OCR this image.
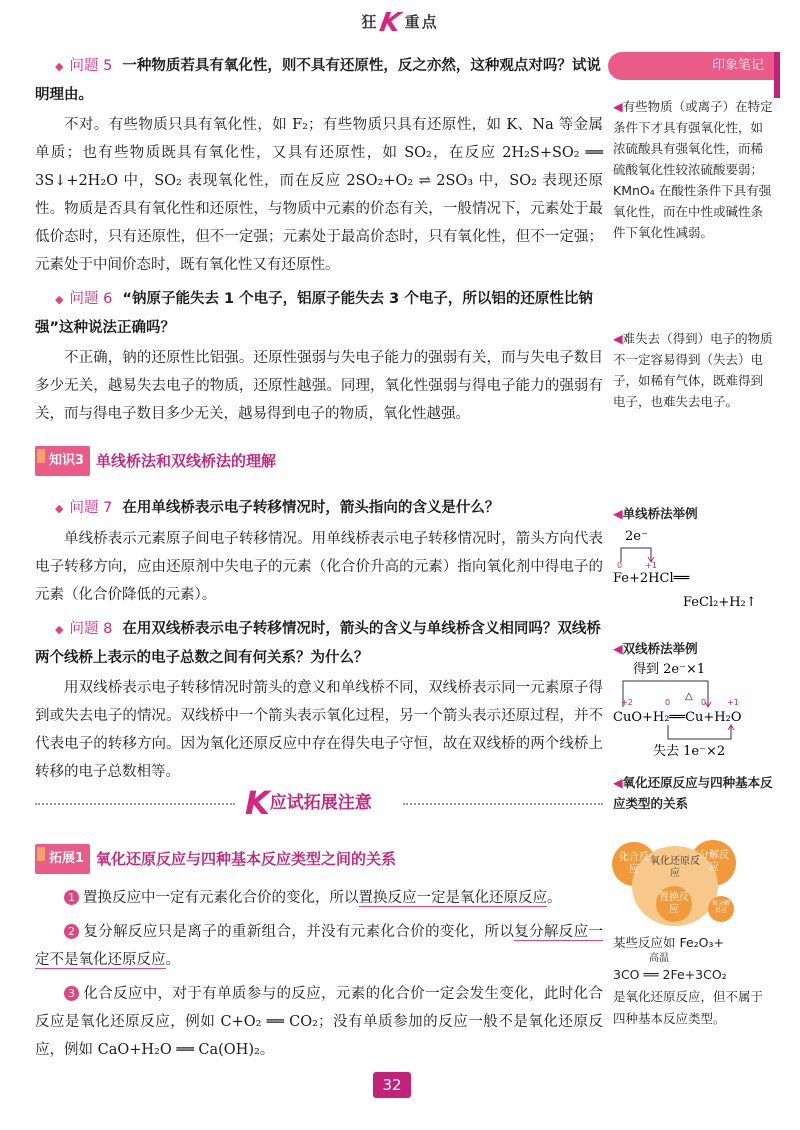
狂K重点
印象笔记
◆ 问题 5 一种物质若具有氧化性，则不具有还原性，反之亦然，这种观点对吗？试说明理由。

不对。有些物质只具有氧化性，如 F₂；有些物质只具有还原性，如 K、Na 等金属单质；也有些物质既具有氧化性，又具有还原性，如 SO₂，在反应 2H₂S+SO₂ ══ 3S↓+2H₂O 中，SO₂ 表现氧化性，而在反应 2SO₂+O₂ ⇌ 2SO₃ 中，SO₂ 表现还原性。物质是否具有氧化性和还原性，与物质中元素的价态有关，一般情况下，元素处于最低价态时，只有还原性，但不一定强；元素处于最高价态时，只有氧化性，但不一定强；元素处于中间价态时，既有氧化性又有还原性。

◆ 问题 6 “钠原子能失去 1 个电子，铝原子能失去 3 个电子，所以铝的还原性比钠强”这种说法正确吗？

不正确，钠的还原性比铝强。还原性强弱与失电子能力的强弱有关，而与失电子数目多少无关，越易失去电子的物质，还原性越强。同理，氧化性强弱与得电子能力的强弱有关，而与得电子数目多少无关，越易得到电子的物质，氧化性越强。

知识3 单线桥法和双线桥法的理解
◆ 问题 7 在用单线桥表示电子转移情况时，箭头指向的含义是什么？

单线桥表示元素原子间电子转移情况。用单线桥表示电子转移情况时，箭头方向代表电子转移方向，应由还原剂中失电子的元素（化合价升高的元素）指向氧化剂中得电子的元素（化合价降低的元素）。

◆ 问题 8 在用双线桥表示电子转移情况时，箭头的含义与单线桥含义相同吗？双线桥两个线桥上表示的电子总数之间有何关系？为什么？

用双线桥表示电子转移情况时箭头的意义和单线桥不同，双线桥表示同一元素原子得到或失去电子的情况。双线桥中一个箭头表示氧化过程，另一个箭头表示还原过程，并不代表电子的转移方向。因为氧化还原反应中存在得失电子守恒，故在双线桥的两个线桥上转移的电子总数相等。

K应试拓展注意
拓展1 氧化还原反应与四种基本反应类型之间的关系

1 置换反应中一定有元素化合价的变化，所以置换反应一定是氧化还原反应。

2 复分解反应只是离子的重新组合，并没有元素化合价的变化，所以复分解反应一定不是氧化还原反应。

3 化合反应中，对于有单质参与的反应，元素的化合价一定会发生变化，此时化合反应是氧化还原反应，例如 C+O₂ ══ CO₂；没有单质参加的反应一般不是氧化还原反应，例如 CaO+H₂O ══ Ca(OH)₂。

◀有些物质（或离子）在特定条件下才具有强氧化性，如浓硫酸具有强氧化性，而稀硫酸氧化性较浓硫酸要弱；KMnO₄ 在酸性条件下具有强氧化性，而在中性或碱性条件下氧化性减弱。
◀难失去（得到）电子的物质不一定容易得到（失去）电子，如稀有气体，既难得到电子，也难失去电子。
◀单线桥法举例
2e⁻
0	+1
Fe+2HCl══
FeCl₂+H₂↑
◀双线桥法举例
得到 2e⁻×1
+2	0	0	+1
△
CuO+H₂══Cu+H₂O
失去 1e⁻×2
◀氧化还原反应与四种基本反应类型的关系
化合反应
分解反应
氧化还原反应
置换反应
复分解反应
某些反应如 Fe₂O₃+
高温
3CO ══ 2Fe+3CO₂
是氧化还原反应，但不属于四种基本反应类型。
32
